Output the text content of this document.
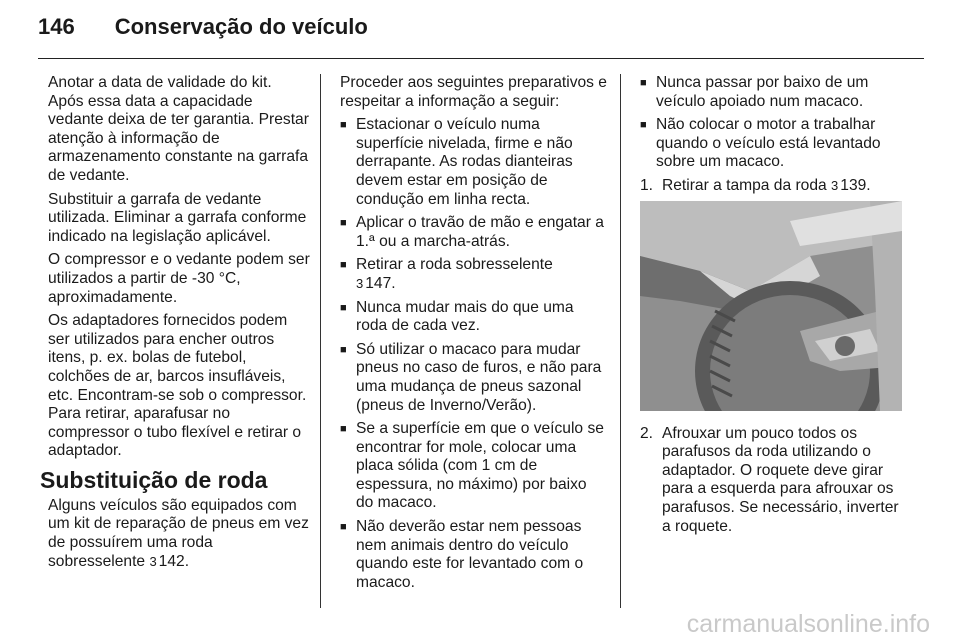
146 Conservação do veículo

Anotar a data de validade do kit. Após essa data a capacidade vedante deixa de ter garantia. Prestar atenção à informação de armazenamento constante na garrafa de vedante.

Substituir a garrafa de vedante utilizada. Eliminar a garrafa conforme indicado na legislação aplicável.

O compressor e o vedante podem ser utilizados a partir de -30 °C, aproximadamente.

Os adaptadores fornecidos podem ser utilizados para encher outros itens, p. ex. bolas de futebol, colchões de ar, barcos insufláveis, etc. Encontram-se sob o compressor. Para retirar, aparafusar no compressor o tubo flexível e retirar o adaptador.

Substituição de roda

Alguns veículos são equipados com um kit de reparação de pneus em vez de possuírem uma roda sobresselente 3 142.

Proceder aos seguintes preparativos e respeitar a informação a seguir:

■ Estacionar o veículo numa superfície nivelada, firme e não derrapante. As rodas dianteiras devem estar em posição de condução em linha recta.
■ Aplicar o travão de mão e engatar a 1.ª ou a marcha-atrás.
■ Retirar a roda sobresselente
3 147.
■ Nunca mudar mais do que uma roda de cada vez.
■ Só utilizar o macaco para mudar pneus no caso de furos, e não para uma mudança de pneus sazonal (pneus de Inverno/Verão).
■ Se a superfície em que o veículo se encontrar for mole, colocar uma placa sólida (com 1 cm de espessura, no máximo) por baixo do macaco.
■ Não deverão estar nem pessoas nem animais dentro do veículo quando este for levantado com o macaco.
■ Nunca passar por baixo de um veículo apoiado num macaco.
■ Não colocar o motor a trabalhar quando o veículo está levantado sobre um macaco.
1. Retirar a tampa da roda 3 139.
2. Afrouxar um pouco todos os parafusos da roda utilizando o adaptador. O roquete deve girar para a esquerda para afrouxar os parafusos. Se necessário, inverter a roquete.
carmanualsonline.info
